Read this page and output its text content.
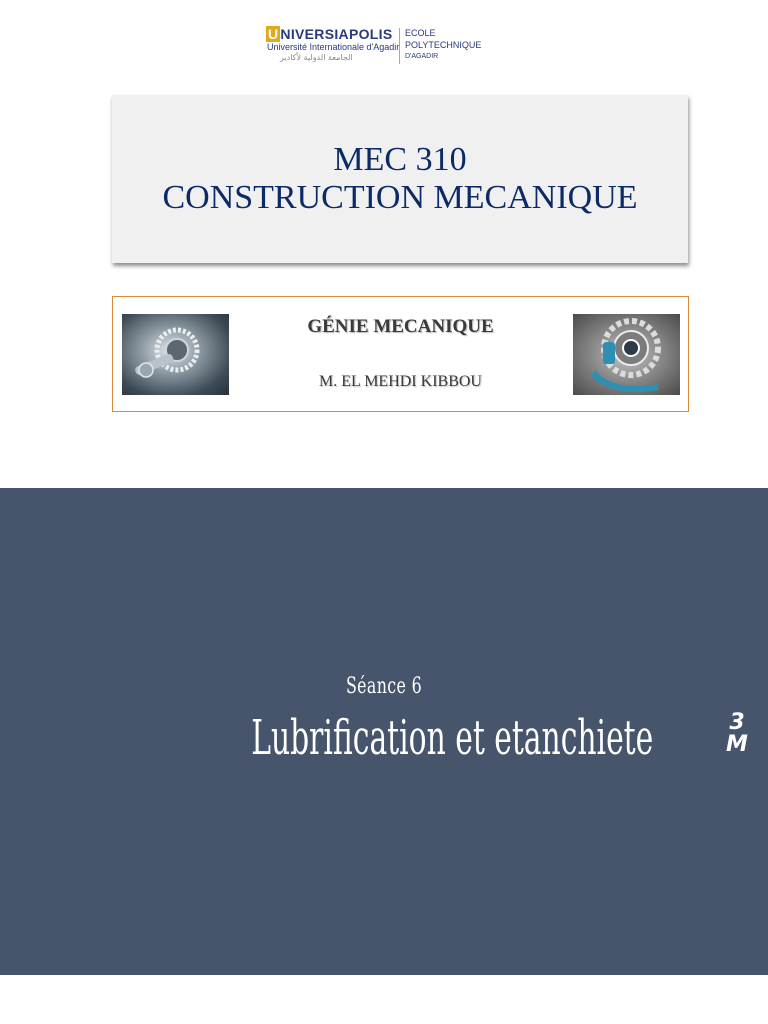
U NIVERSIAPOLIS
Université Internationale d'Agadir
الجامعة الدولية لأكادير
ECOLE
POLYTECHNIQUE
D'AGADIR
MEC 310
CONSTRUCTION MECANIQUE
GÉNIE MECANIQUE
M. EL MEHDI KIBBOU
Séance 6
Lubrification et etanchiete	3
M
